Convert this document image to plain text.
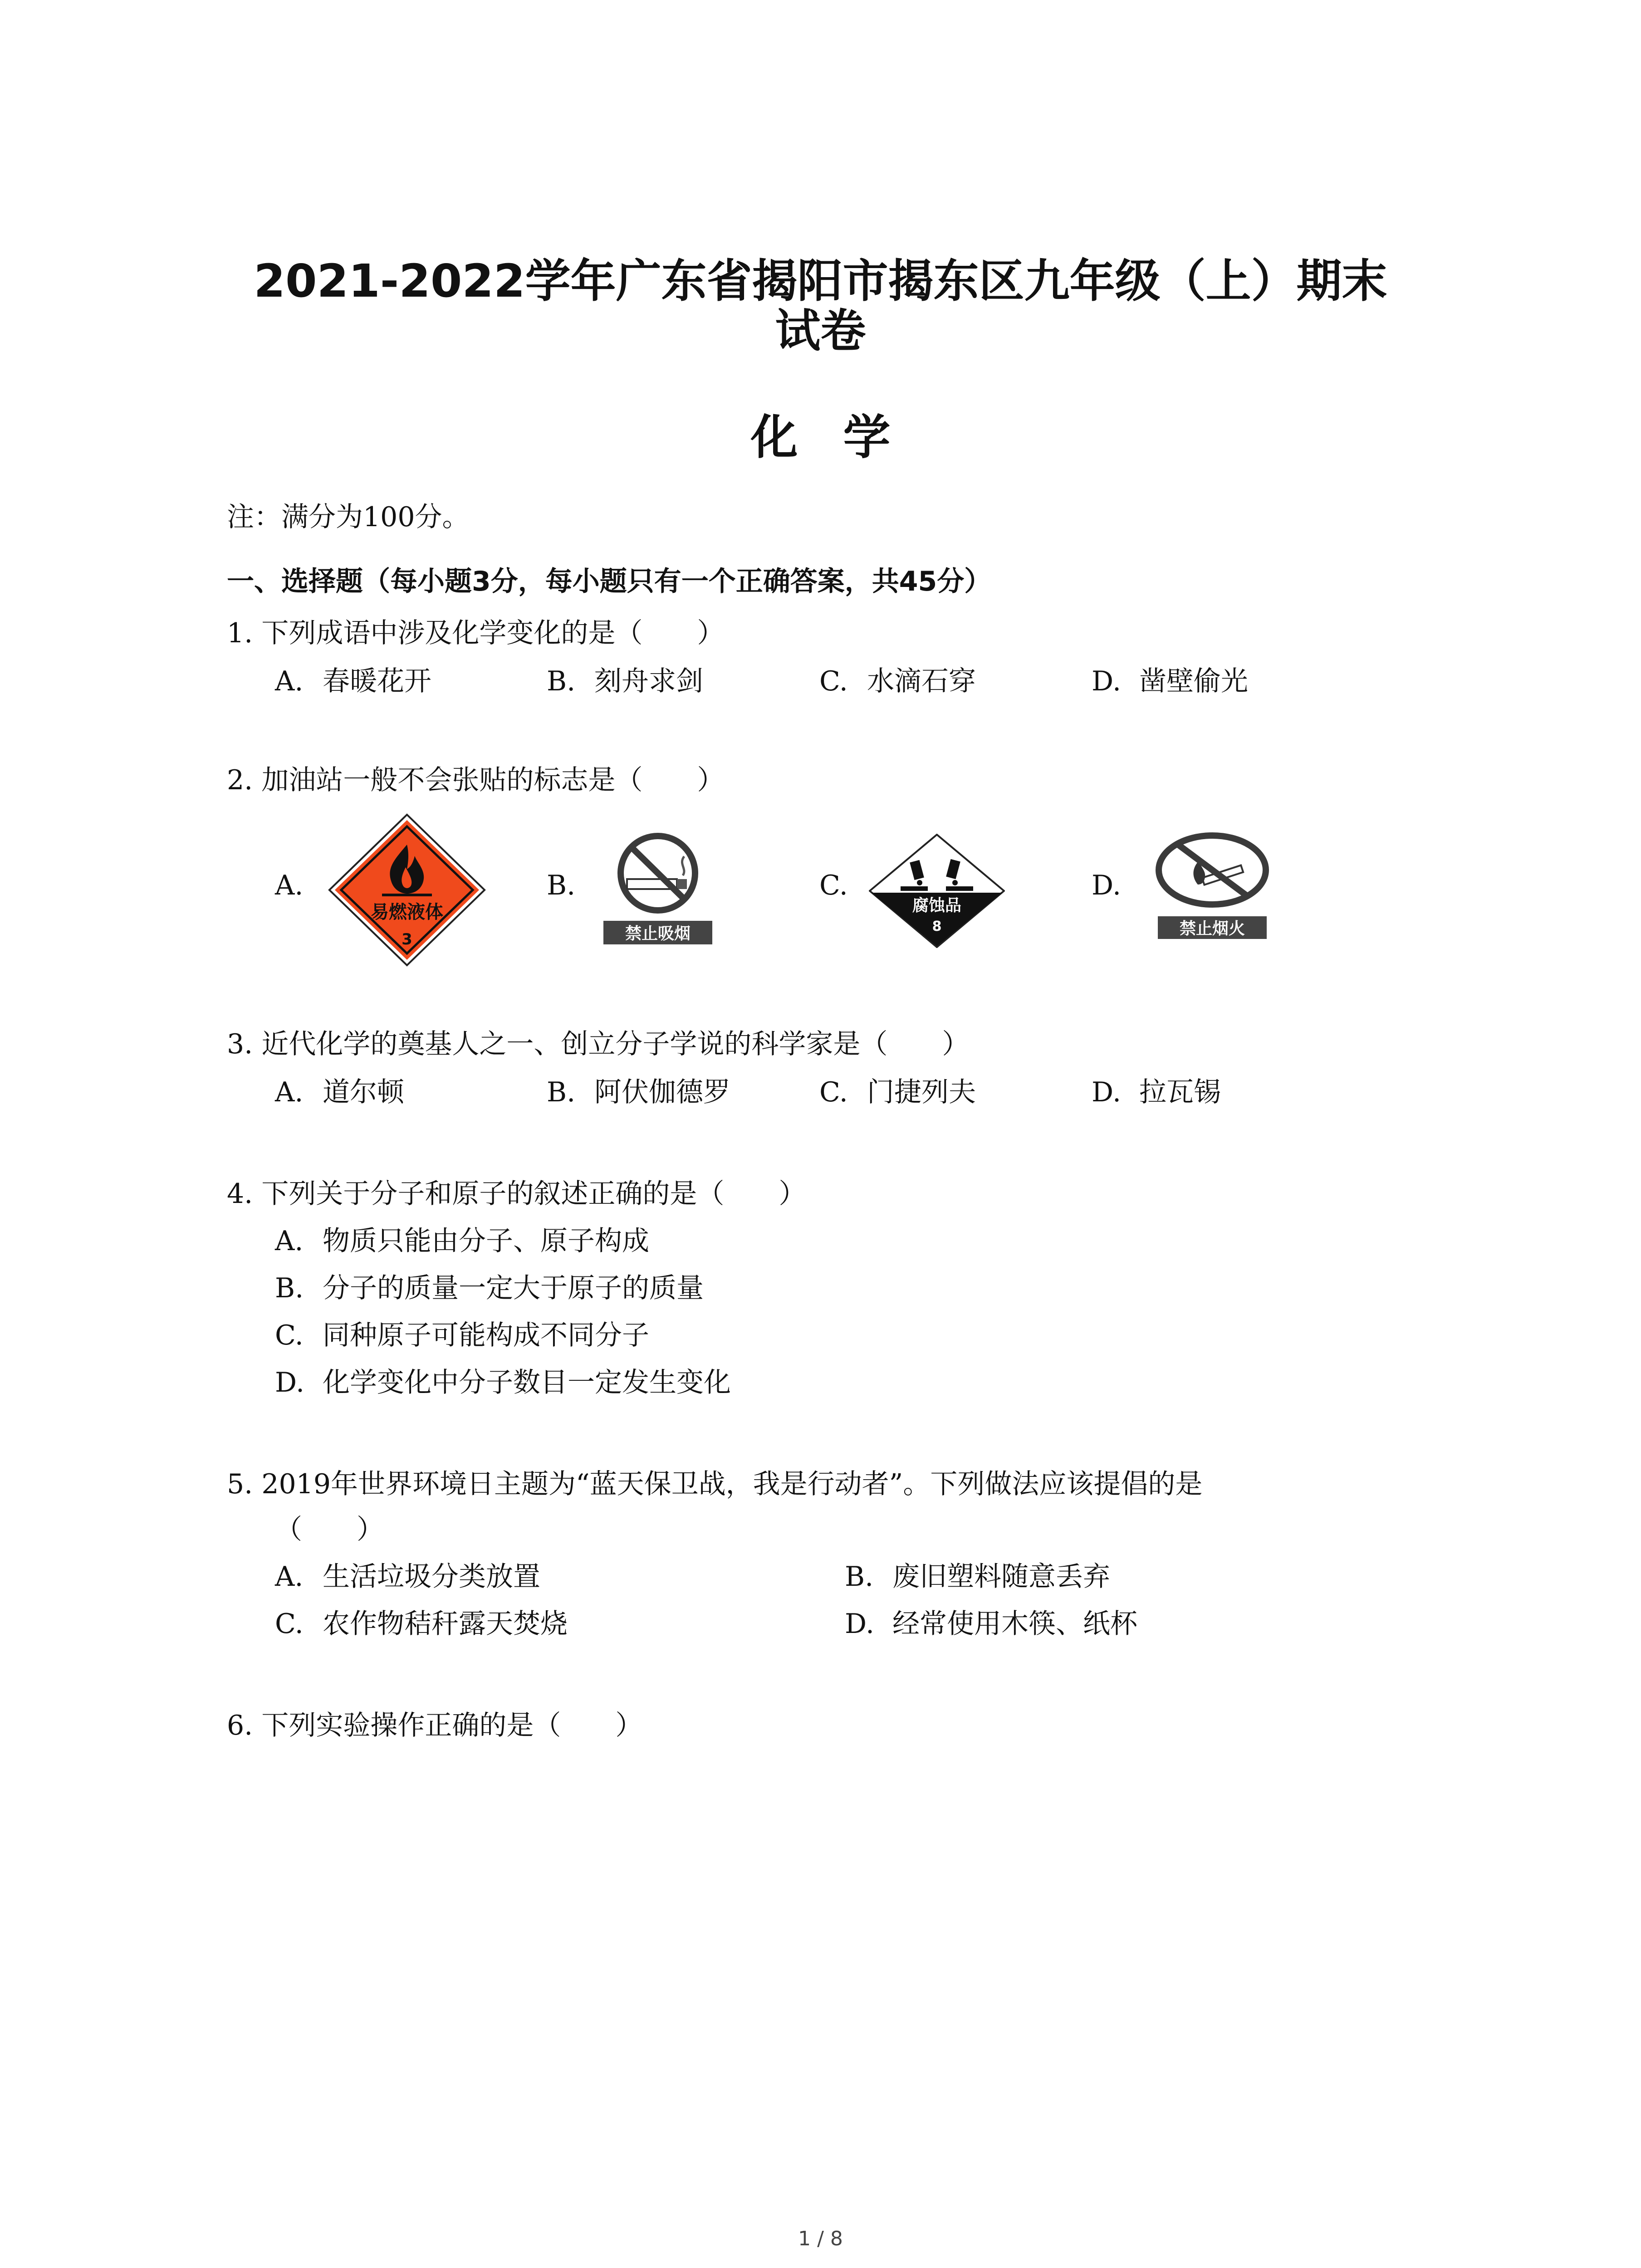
2021-2022学年广东省揭阳市揭东区九年级（上）期末
试卷
化学
注：满分为100分。
一、选择题（每小题3分，每小题只有一个正确答案，共45分）
1. 下列成语中涉及化学变化的是（　　）
A. 春暖花开	B. 刻舟求剑	C. 水滴石穿	D. 凿壁偷光
2. 加油站一般不会张贴的标志是（　　）
A.
易燃液体
3
B.
禁止吸烟
C.
腐蚀品
8
D.
禁止烟火
3. 近代化学的奠基人之一、创立分子学说的科学家是（　　）
A. 道尔顿	B. 阿伏伽德罗	C. 门捷列夫	D. 拉瓦锡
4. 下列关于分子和原子的叙述正确的是（　　）
A. 物质只能由分子、原子构成
B. 分子的质量一定大于原子的质量
C. 同种原子可能构成不同分子
D. 化学变化中分子数目一定发生变化
5. 2019年世界环境日主题为“蓝天保卫战，我是行动者”。下列做法应该提倡的是
（　　）
A. 生活垃圾分类放置	B. 废旧塑料随意丢弃
C. 农作物秸秆露天焚烧	D. 经常使用木筷、纸杯
6. 下列实验操作正确的是（　　）
1 / 8
